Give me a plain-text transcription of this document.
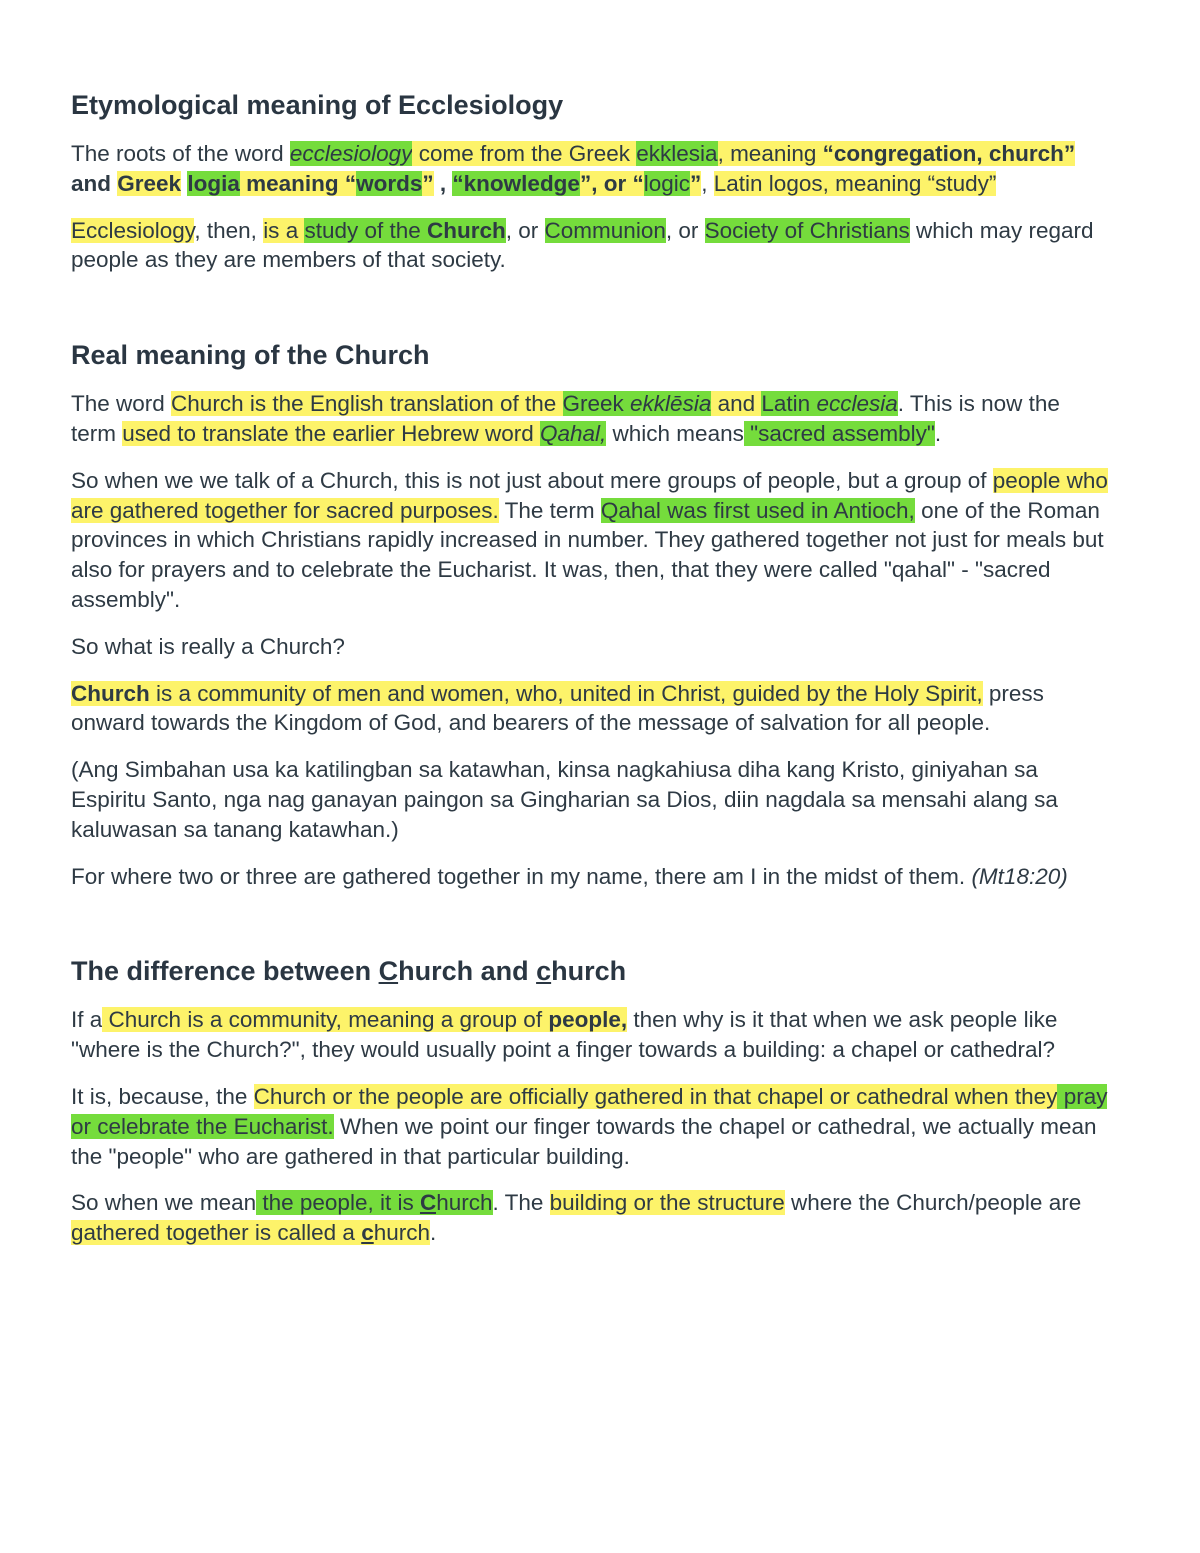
Etymological meaning of Ecclesiology

The roots of the word ecclesiology come from the Greek ekklesia, meaning “congregation, church” and Greek logia meaning “words” , “knowledge”, or “logic”, Latin logos, meaning “study”

Ecclesiology, then, is a study of the Church, or Communion, or Society of Christians which may regard people as they are members of that society.

Real meaning of the Church

The word Church is the English translation of the Greek ekklēsia and Latin ecclesia. This is now the term used to translate the earlier Hebrew word Qahal, which means "sacred assembly".

So when we we talk of a Church, this is not just about mere groups of people, but a group of people who are gathered together for sacred purposes. The term Qahal was first used in Antioch, one of the Roman provinces in which Christians rapidly increased in number. They gathered together not just for meals but also for prayers and to celebrate the Eucharist. It was, then, that they were called "qahal" - "sacred assembly".

So what is really a Church?

Church is a community of men and women, who, united in Christ, guided by the Holy Spirit, press onward towards the Kingdom of God, and bearers of the message of salvation for all people.

(Ang Simbahan usa ka katilingban sa katawhan, kinsa nagkahiusa diha kang Kristo, giniyahan sa Espiritu Santo, nga nag ganayan paingon sa Gingharian sa Dios, diin nagdala sa mensahi alang sa kaluwasan sa tanang katawhan.)

For where two or three are gathered together in my name, there am I in the midst of them. (Mt18:20)

The difference between Church and church

If a Church is a community, meaning a group of people, then why is it that when we ask people like "where is the Church?", they would usually point a finger towards a building: a chapel or cathedral?

It is, because, the Church or the people are officially gathered in that chapel or cathedral when they pray or celebrate the Eucharist. When we point our finger towards the chapel or cathedral, we actually mean the "people" who are gathered in that particular building.

So when we mean the people, it is Church. The building or the structure where the Church/people are gathered together is called a church.
